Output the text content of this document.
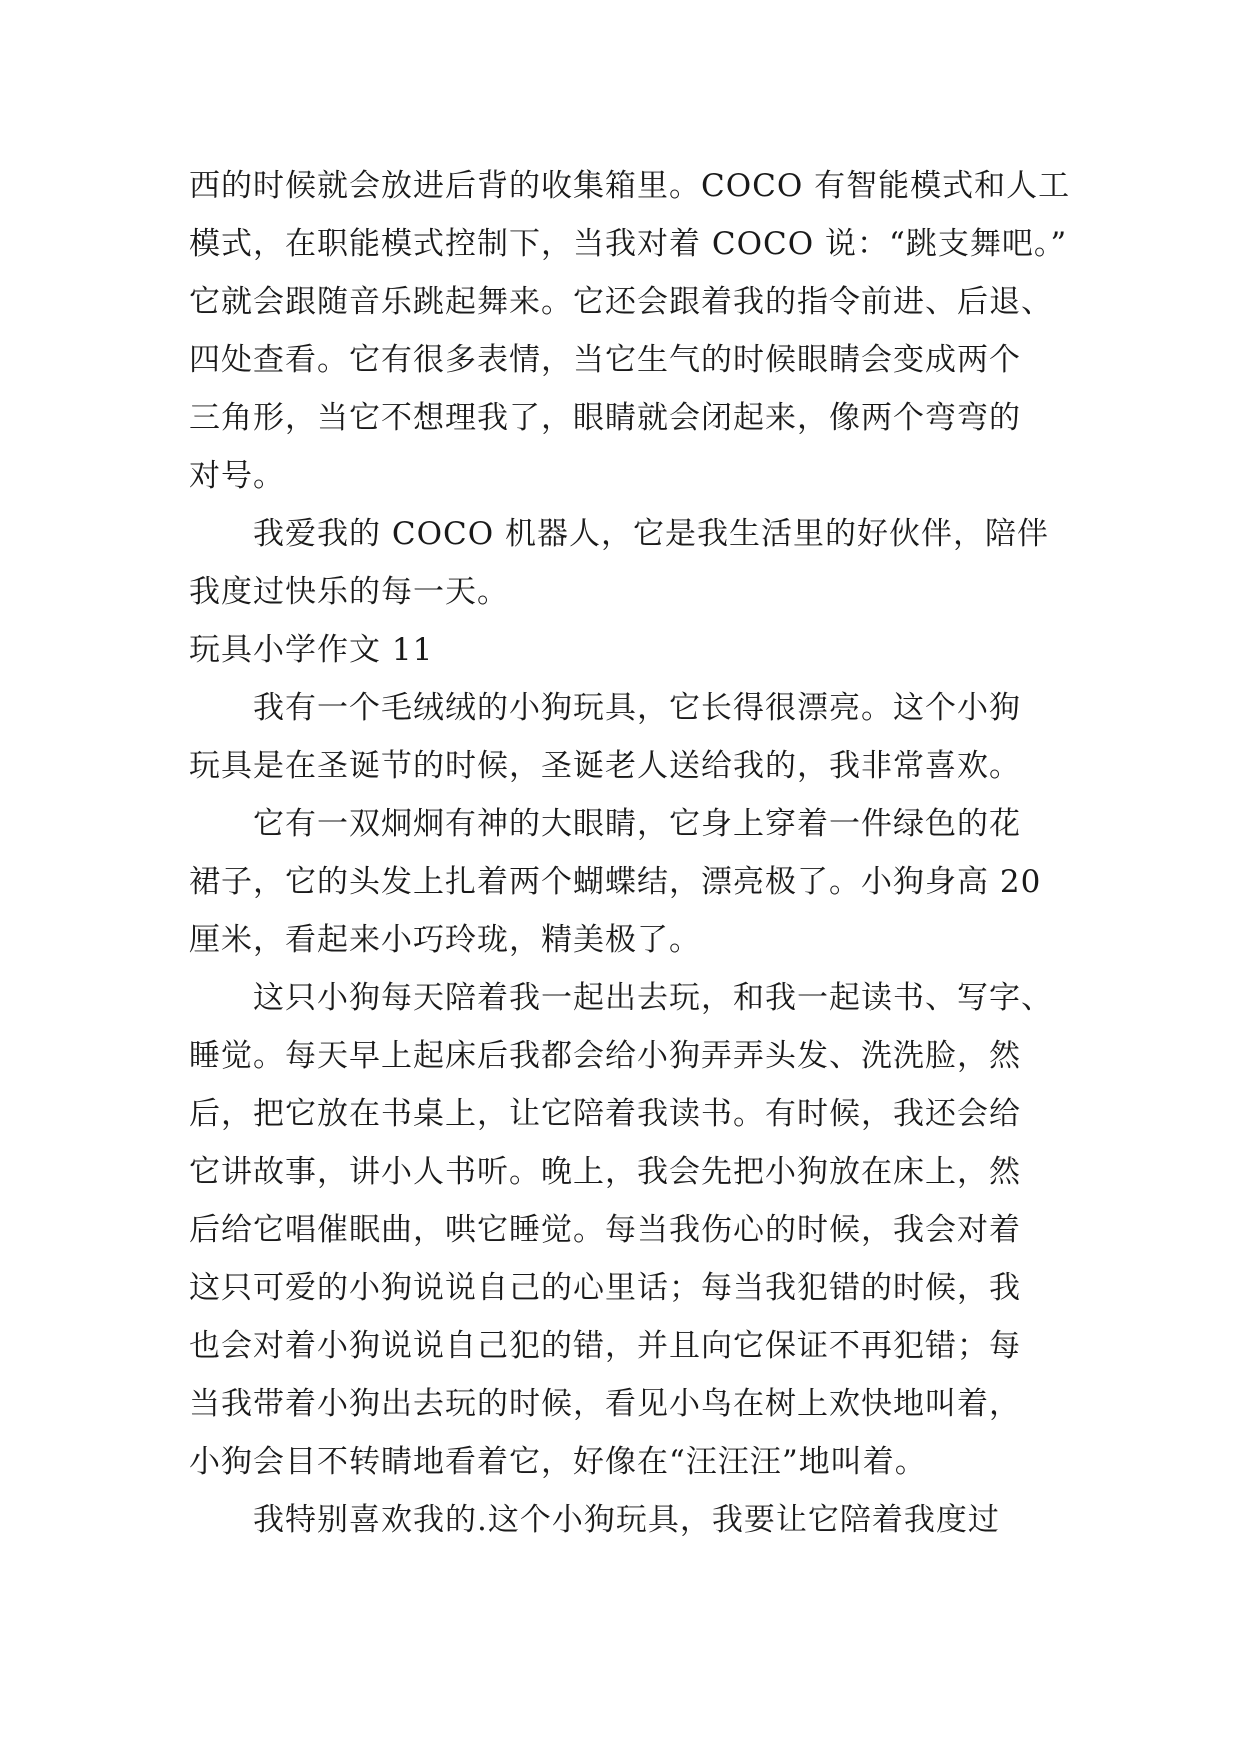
西的时候就会放进后背的收集箱里。COCO 有智能模式和人工
模式，在职能模式控制下，当我对着 COCO 说：“跳支舞吧。”
它就会跟随音乐跳起舞来。它还会跟着我的指令前进、后退、
四处查看。它有很多表情，当它生气的时候眼睛会变成两个
三角形，当它不想理我了，眼睛就会闭起来，像两个弯弯的
对号。
我爱我的 COCO 机器人，它是我生活里的好伙伴，陪伴
我度过快乐的每一天。
玩具小学作文 11
我有一个毛绒绒的小狗玩具，它长得很漂亮。这个小狗
玩具是在圣诞节的时候，圣诞老人送给我的，我非常喜欢。
它有一双炯炯有神的大眼睛，它身上穿着一件绿色的花
裙子，它的头发上扎着两个蝴蝶结，漂亮极了。小狗身高 20
厘米，看起来小巧玲珑，精美极了。
这只小狗每天陪着我一起出去玩，和我一起读书、写字、
睡觉。每天早上起床后我都会给小狗弄弄头发、洗洗脸，然
后，把它放在书桌上，让它陪着我读书。有时候，我还会给
它讲故事，讲小人书听。晚上，我会先把小狗放在床上，然
后给它唱催眠曲，哄它睡觉。每当我伤心的时候，我会对着
这只可爱的小狗说说自己的心里话；每当我犯错的时候，我
也会对着小狗说说自己犯的错，并且向它保证不再犯错；每
当我带着小狗出去玩的时候，看见小鸟在树上欢快地叫着，
小狗会目不转睛地看着它，好像在“汪汪汪”地叫着。
我特别喜欢我的.这个小狗玩具，我要让它陪着我度过
